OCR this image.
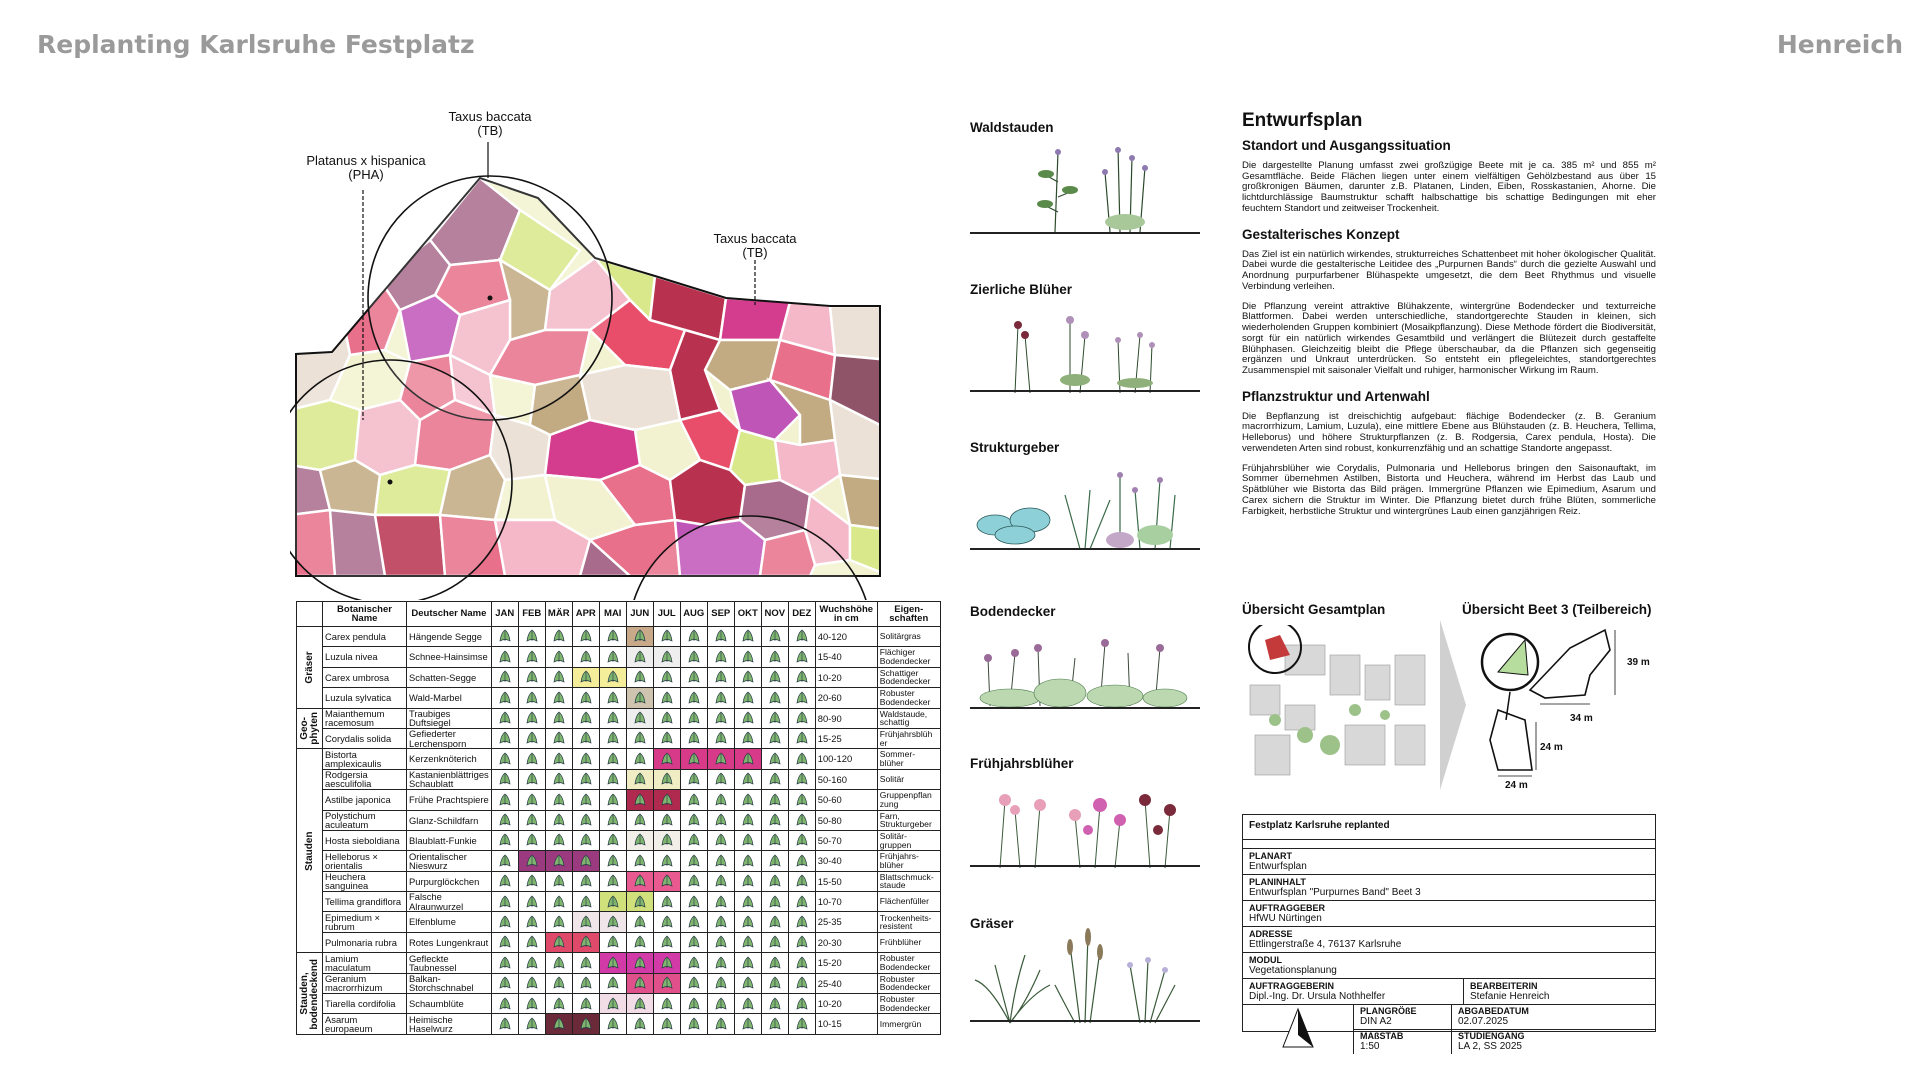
Replanting Karlsruhe Festplatz	Henreich
Platanus x hispanica
(PHA)
Taxus baccata
(TB)
Taxus baccata
(TB)
	Botanischer Name	Deutscher Name	JAN	FEB	MÄR	APR	MAI	JUN	JUL	AUG	SEP	OKT	NOV	DEZ	Wuchshöhe in cm	Eigen-schaften
Gräser	Carex pendula	Hängende Segge													40-120	Solitärgras
	Luzula nivea	Schnee-Hainsimse													15-40	Flächiger Bodendecker
	Carex umbrosa	Schatten-Segge													10-20	Schattiger Bodendecker
	Luzula sylvatica	Wald-Marbel													20-60	Robuster Bodendecker
Geo-phyten	Maianthemum racemosum	Traubiges Duftsiegel													80-90	Waldstaude, schattig
	Corydalis solida	Gefiederter Lerchensporn													15-25	Frühjahrsblüh er
Stauden	Bistorta amplexicaulis	Kerzenknöterich													100-120	Sommer-blüher
	Rodgersia aesculifolia	Kastanienblättriges Schaublatt													50-160	Solitär
	Astilbe japonica	Frühe Prachtspiere													50-60	Gruppenpflan zung
	Polystichum aculeatum	Glanz-Schildfarn													50-80	Farn, Strukturgeber
	Hosta sieboldiana	Blaublatt-Funkie													50-70	Solitär-gruppen
	Helleborus × orientalis	Orientalischer Nieswurz													30-40	Frühjahrs-blüher
	Heuchera sanguinea	Purpurglöckchen													15-50	Blattschmuck-staude
	Tellima grandiflora	Falsche Alraunwurzel													10-70	Flächenfüller
	Epimedium × rubrum	Elfenblume													25-35	Trockenheits-resistent
	Pulmonaria rubra	Rotes Lungenkraut													20-30	Frühblüher
Stauden, bodendeckend	Lamium maculatum	Gefleckte Taubnessel													15-20	Robuster Bodendecker
	Geranium macrorrhizum	Balkan-Storchschnabel													25-40	Robuster Bodendecker
	Tiarella cordifolia	Schaumblüte													10-20	Robuster Bodendecker
	Asarum europaeum	Heimische Haselwurz													10-15	Immergrün
Waldstauden
Zierliche Blüher
Strukturgeber
Bodendecker
Frühjahrsblüher
Gräser
Entwurfsplan
Standort und Ausgangssituation
Die dargestellte Planung umfasst zwei großzügige Beete mit je ca. 385 m² und 855 m² Gesamtfläche. Beide Flächen liegen unter einem vielfältigen Gehölzbestand aus über 15 großkronigen Bäumen, darunter z.B. Platanen, Linden, Eiben, Rosskastanien, Ahorne. Die lichtdurchlässige Baumstruktur schafft halbschattige bis schattige Bedingungen mit eher feuchtem Standort und zeitweiser Trockenheit.
Gestalterisches Konzept
Das Ziel ist ein natürlich wirkendes, strukturreiches Schattenbeet mit hoher ökologischer Qualität. Dabei wurde die gestalterische Leitidee des „Purpurnen Bands“ durch die gezielte Auswahl und Anordnung purpurfarbener Blühaspekte umgesetzt, die dem Beet Rhythmus und visuelle Verbindung verleihen.
Die Pflanzung vereint attraktive Blühakzente, wintergrüne Bodendecker und texturreiche Blattformen. Dabei werden unterschiedliche, standortgerechte Stauden in kleinen, sich wiederholenden Gruppen kombiniert (Mosaikpflanzung). Diese Methode fördert die Biodiversität, sorgt für ein natürlich wirkendes Gesamtbild und verlängert die Blütezeit durch gestaffelte Blühphasen. Gleichzeitig bleibt die Pflege überschaubar, da die Pflanzen sich gegenseitig ergänzen und Unkraut unterdrücken. So entsteht ein pflegeleichtes, standortgerechtes Zusammenspiel mit saisonaler Vielfalt und ruhiger, harmonischer Wirkung im Raum.
Pflanzstruktur und Artenwahl
Die Bepflanzung ist dreischichtig aufgebaut: flächige Bodendecker (z. B. Geranium macrorrhizum, Lamium, Luzula), eine mittlere Ebene aus Blühstauden (z. B. Heuchera, Tellima, Helleborus) und höhere Strukturpflanzen (z. B. Rodgersia, Carex pendula, Hosta). Die verwendeten Arten sind robust, konkurrenzfähig und an schattige Standorte angepasst.
Frühjahrsblüher wie Corydalis, Pulmonaria und Helleborus bringen den Saisonauftakt, im Sommer übernehmen Astilben, Bistorta und Heuchera, während im Herbst das Laub und Spätblüher wie Bistorta das Bild prägen. Immergrüne Pflanzen wie Epimedium, Asarum und Carex sichern die Struktur im Winter. Die Pflanzung bietet durch frühe Blüten, sommerliche Farbigkeit, herbstliche Struktur und wintergrünes Laub einen ganzjährigen Reiz.
Übersicht Gesamtplan	Übersicht Beet 3 (Teilbereich)
39 m
34 m
24 m
24 m
Festplatz Karlsruhe replanted
PLANART
Entwurfsplan
PLANINHALT
Entwurfsplan "Purpurnes Band" Beet 3
AUFTRAGGEBER
HfWU Nürtingen
ADRESSE
Ettlingerstraße 4, 76137 Karlsruhe
MODUL
Vegetationsplanung
AUFTRAGGEBERIN
Dipl.-Ing. Dr. Ursula Nothhelfer
BEARBEITERIN
Stefanie Henreich
PLANGRÖßE
DIN A2
MAßSTAB
1:50
ABGABEDATUM
02.07.2025
STUDIENGANG
LA 2, SS 2025
